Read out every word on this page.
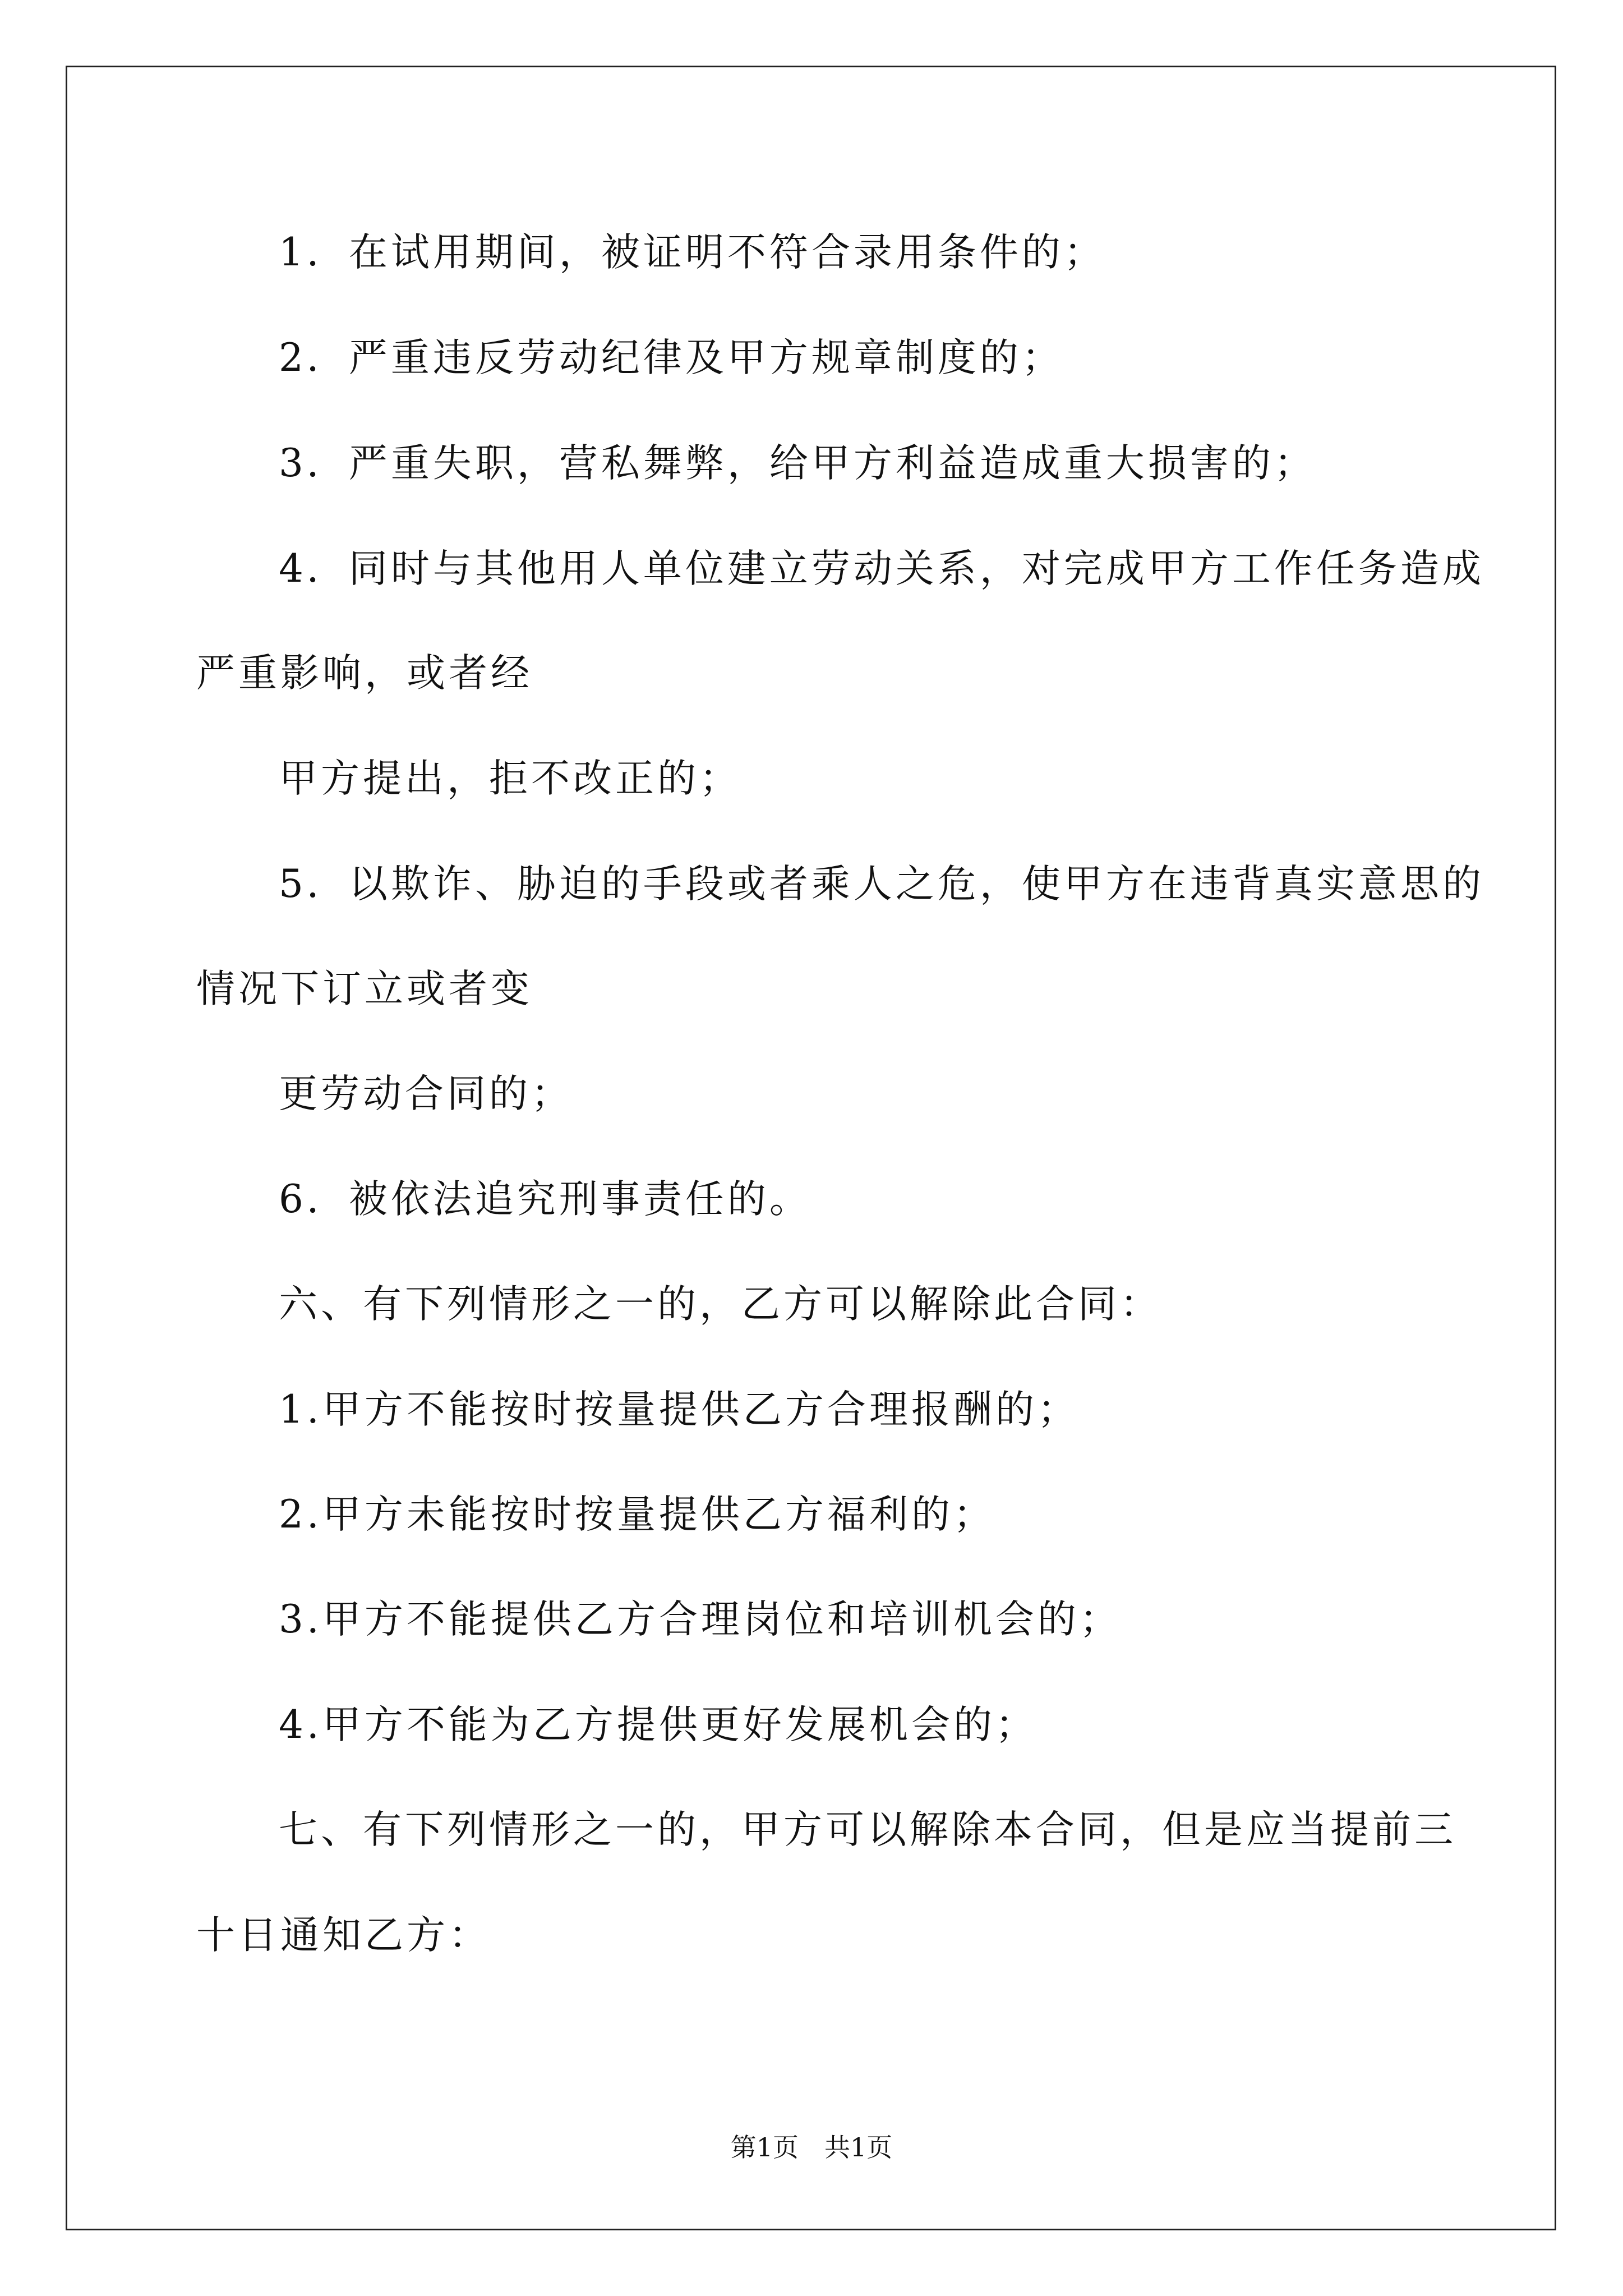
1．在试用期间，被证明不符合录用条件的；
2．严重违反劳动纪律及甲方规章制度的；
3．严重失职，营私舞弊，给甲方利益造成重大损害的；
4．同时与其他用人单位建立劳动关系，对完成甲方工作任务造成
严重影响，或者经
甲方提出，拒不改正的；
5．以欺诈、胁迫的手段或者乘人之危，使甲方在违背真实意思的
情况下订立或者变
更劳动合同的；
6．被依法追究刑事责任的。
六、有下列情形之一的，乙方可以解除此合同：
1.甲方不能按时按量提供乙方合理报酬的；
2.甲方未能按时按量提供乙方福利的；
3.甲方不能提供乙方合理岗位和培训机会的；
4.甲方不能为乙方提供更好发展机会的；
七、有下列情形之一的，甲方可以解除本合同，但是应当提前三
十日通知乙方：
第1页　共1页
